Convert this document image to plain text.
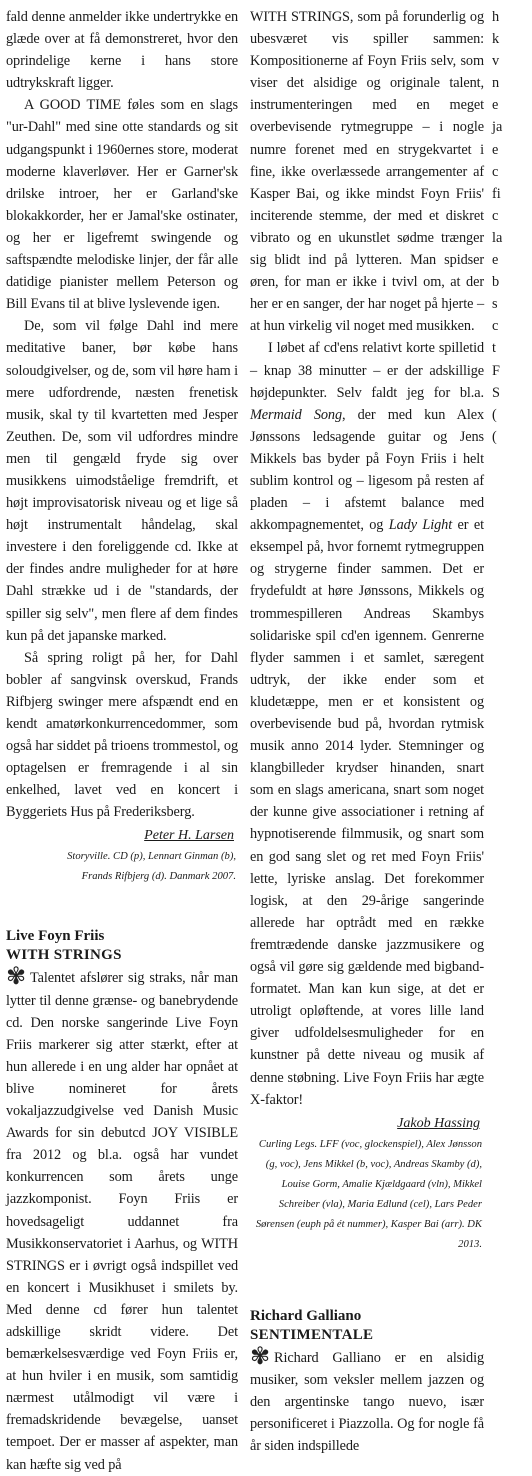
fald denne anmelder ikke undertrykke en glæde over at få demonstreret, hvor den oprindelige kerne i hans store udtrykskraft ligger.

A GOOD TIME føles som en slags "ur-Dahl" med sine otte standards og sit udgangspunkt i 1960ernes store, moderat moderne klaverløver. Her er Garner'sk drilske introer, her er Garland'ske blokakkorder, her er Jamal'ske ostinater, og her er ligefremt swingende og saftspændte melodiske linjer, der får alle datidige pianister mellem Peterson og Bill Evans til at blive lyslevende igen.

De, som vil følge Dahl ind mere meditative baner, bør købe hans soloudgivelser, og de, som vil høre ham i mere udfordrende, næsten frenetisk musik, skal ty til kvartetten med Jesper Zeuthen. De, som vil udfordres mindre men til gengæld fryde sig over musikkens uimodståelige fremdrift, et højt improvisatorisk niveau og et lige så højt instrumentalt håndelag, skal investere i den foreliggende cd. Ikke at der findes andre muligheder for at høre Dahl strække ud i de "standards, der spiller sig selv", men flere af dem findes kun på det japanske marked.

Så spring roligt på her, for Dahl bobler af sangvinsk overskud, Frands Rifbjerg swinger mere afspændt end en kendt amatørkonkurrencedommer, som også har siddet på trioens trommestol, og optagelsen er fremragende i al sin enkelhed, lavet ved en koncert i Byggeriets Hus på Frederiksberg.

Peter H. Larsen

Storyville. CD (p), Lennart Ginman (b),

Frands Rifbjerg (d). Danmark 2007.

Live Foyn Friis

WITH STRINGS

✾ Talentet afslører sig straks, når man lytter til denne grænse- og banebrydende cd. Den norske sangerinde Live Foyn Friis markerer sig atter stærkt, efter at hun allerede i en ung alder har opnået at blive nomineret for årets vokaljazzudgivelse ved Danish Music Awards for sin debutcd JOY VISIBLE fra 2012 og bl.a. også har vundet konkurrencen som årets unge jazzkomponist. Foyn Friis er hovedsageligt uddannet fra Musikkonservatoriet i Aarhus, og WITH STRINGS er i øvrigt også indspillet ved en koncert i Musikhuset i smilets by. Med denne cd fører hun talentet adskillige skridt videre. Det bemærkelsesværdige ved Foyn Friis er, at hun hviler i en musik, som samtidig nærmest utålmodigt vil være i fremadskridende bevægelse, uanset tempoet. Der er masser af aspekter, man kan hæfte sig ved på

WITH STRINGS, som på forunderlig og ubesværet vis spiller sammen: Kompositionerne af Foyn Friis selv, som viser det alsidige og originale talent, instrumenteringen med en meget overbevisende rytmegruppe – i nogle numre forenet med en strygekvartet i fine, ikke overlæssede arrangementer af Kasper Bai, og ikke mindst Foyn Friis' inciterende stemme, der med et diskret vibrato og en ukunstlet sødme trænger sig blidt ind på lytteren. Man spidser øren, for man er ikke i tvivl om, at der her er en sanger, der har noget på hjerte – at hun virkelig vil noget med musikken.

I løbet af cd'ens relativt korte spilletid – knap 38 minutter – er der adskillige højdepunkter. Selv faldt jeg for bl.a. Mermaid Song, der med kun Alex Jønssons ledsagende guitar og Jens Mikkels bas byder på Foyn Friis i helt sublim kontrol og – ligesom på resten af pladen – i afstemt balance med akkompagnementet, og Lady Light er et eksempel på, hvor fornemt rytmegruppen og strygerne finder sammen. Det er frydefuldt at høre Jønssons, Mikkels og trommespilleren Andreas Skambys solidariske spil cd'en igennem. Genrerne flyder sammen i et samlet, særegent udtryk, der ikke ender som et kludetæppe, men er et konsistent og overbevisende bud på, hvordan rytmisk musik anno 2014 lyder. Stemninger og klangbilleder krydser hinanden, snart som en slags americana, snart som noget der kunne give associationer i retning af hypnotiserende filmmusik, og snart som en god sang slet og ret med Foyn Friis' lette, lyriske anslag. Det forekommer logisk, at den 29-årige sangerinde allerede har optrådt med en række fremtrædende danske jazzmusikere og også vil gøre sig gældende med bigband-formatet. Man kan kun sige, at det er utroligt opløftende, at vores lille land giver udfoldelsesmuligheder for en kunstner på dette niveau og musik af denne støbning. Live Foyn Friis har ægte X-faktor!

Jakob Hassing

Curling Legs. LFF (voc, glockenspiel), Alex Jønsson (g, voc), Jens Mikkel (b, voc), Andreas Skamby (d), Louise Gorm, Amalie Kjældgaard (vln), Mikkel Schreiber (vla), Maria Edlund (cel), Lars Peder Sørensen (euph på ét nummer), Kasper Bai (arr). DK 2013.

Richard Galliano

SENTIMENTALE

✾ Richard Galliano er en alsidig musiker, som veksler mellem jazzen og den argentinske tango nuevo, især personificeret i Piazzolla. Og for nogle få år siden indspillede

h
k
v
n
e
ja
e
c
fi
c
la
e
b
s
c
t
F
S
(
(
